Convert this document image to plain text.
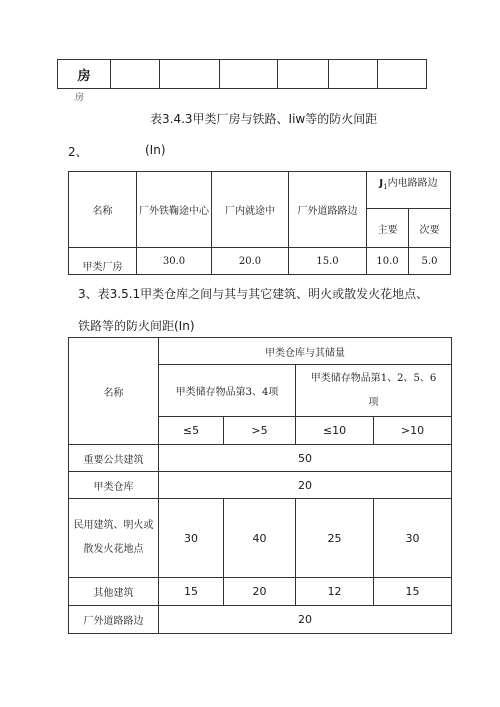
房						
房
表3.4.3甲类厂房与铁路、Iiw等的防火间距
2、	(In)
名称	厂外铁鞠途中心	厂内就途中	厂外道路路边	$J_1$内电路路边	
				主要	次要
甲类厂房	30.0	20.0	15.0	10.0	5.0
3、表3.5.1甲类仓库之间与其与其它建筑、明火或散发火花地点、
铁路等的防火间距(In)
名称	甲类仓库与其储量			
	甲类储存物品第3、4项		甲类储存物品第1、2、5、6
项	

	≤5	>5	≤10	>10
重要公共建筑	50			
甲类仓库	20			

民用建筑、明火或
散发火花地点	30	40	25	30
其他建筑	15	20	12	15
厂外道路路边	20			
